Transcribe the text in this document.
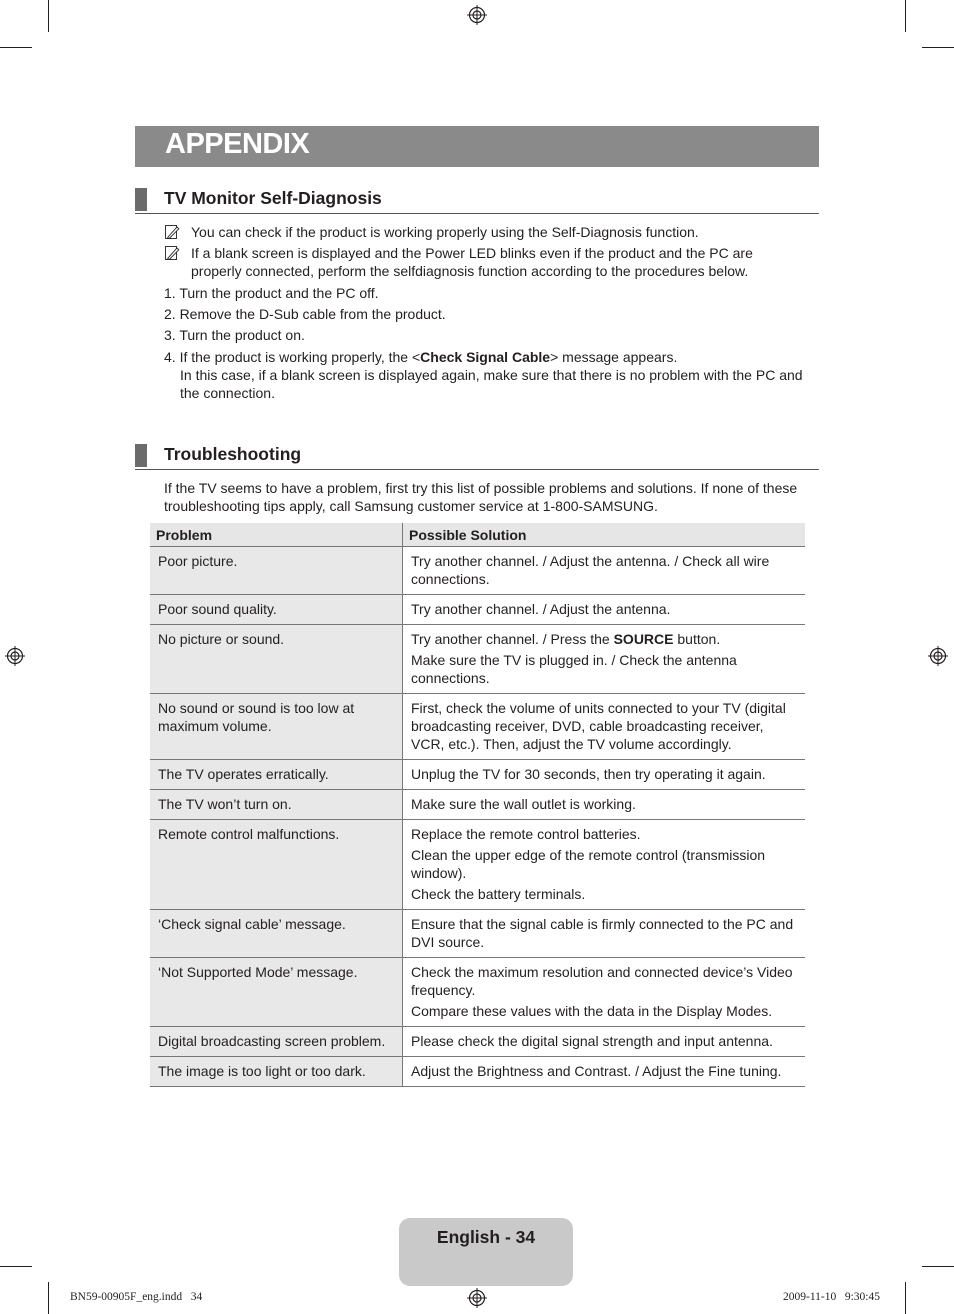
APPENDIX
TV Monitor Self-Diagnosis
You can check if the product is working properly using the Self-Diagnosis function.
If a blank screen is displayed and the Power LED blinks even if the product and the PC are properly connected, perform the selfdiagnosis function according to the procedures below.
1. Turn the product and the PC off.
2. Remove the D-Sub cable from the product.
3. Turn the product on.
4. If the product is working properly, the <Check Signal Cable> message appears.
In this case, if a blank screen is displayed again, make sure that there is no problem with the PC and the connection.
Troubleshooting
If the TV seems to have a problem, first try this list of possible problems and solutions. If none of these troubleshooting tips apply, call Samsung customer service at 1-800-SAMSUNG.
Problem	Possible Solution
Poor picture.	Try another channel. / Adjust the antenna. / Check all wire connections.

Poor sound quality.	Try another channel. / Adjust the antenna.

No picture or sound.	Try another channel. / Press the SOURCE button.

Make sure the TV is plugged in. / Check the antenna connections.

No sound or sound is too low at maximum volume.	First, check the volume of units connected to your TV (digital broadcasting receiver, DVD, cable broadcasting receiver, VCR, etc.). Then, adjust the TV volume accordingly.

The TV operates erratically.	Unplug the TV for 30 seconds, then try operating it again.

The TV won’t turn on.	Make sure the wall outlet is working.

Remote control malfunctions.	Replace the remote control batteries.

Clean the upper edge of the remote control (transmission window).

Check the battery terminals.

‘Check signal cable’ message.	Ensure that the signal cable is firmly connected to the PC and DVI source.

‘Not Supported Mode’ message.	Check the maximum resolution and connected device’s Video frequency.

Compare these values with the data in the Display Modes.

Digital broadcasting screen problem.	Please check the digital signal strength and input antenna.

The image is too light or too dark.	Adjust the Brightness and Contrast. / Adjust the Fine tuning.

English - 34
BN59-00905F_eng.indd   34	2009-11-10   9:30:45
